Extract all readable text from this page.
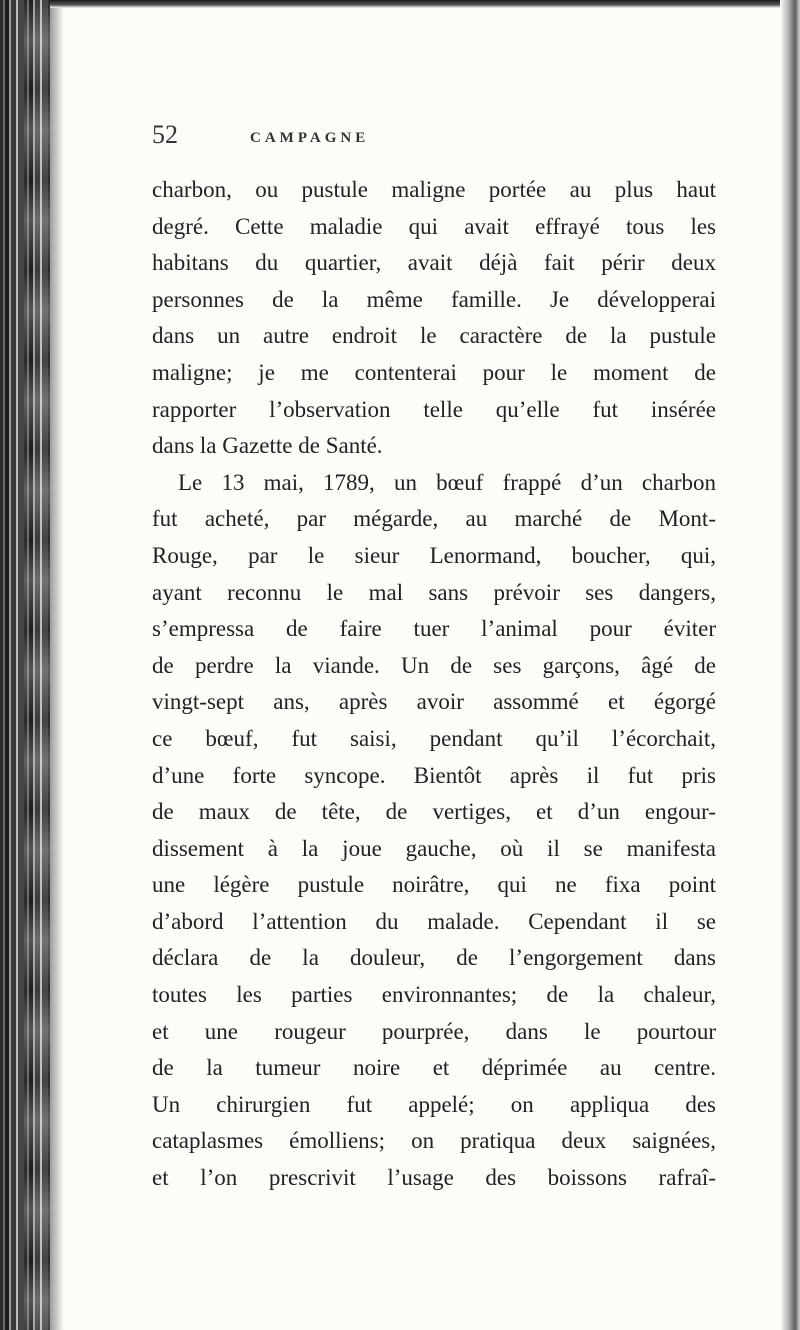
52	CAMPAGNE
charbon, ou pustule maligne portée au plus haut
degré. Cette maladie qui avait effrayé tous les
habitans du quartier, avait déjà fait périr deux
personnes de la même famille. Je développerai
dans un autre endroit le caractère de la pustule
maligne; je me contenterai pour le moment de
rapporter l’observation telle qu’elle fut insérée
dans la Gazette de Santé.
Le 13 mai, 1789, un bœuf frappé d’un charbon
fut acheté, par mégarde, au marché de Mont-
Rouge, par le sieur Lenormand, boucher, qui,
ayant reconnu le mal sans prévoir ses dangers,
s’empressa de faire tuer l’animal pour éviter
de perdre la viande. Un de ses garçons, âgé de
vingt-sept ans, après avoir assommé et égorgé
ce bœuf, fut saisi, pendant qu’il l’écorchait,
d’une forte syncope. Bientôt après il fut pris
de maux de tête, de vertiges, et d’un engour-
dissement à la joue gauche, où il se manifesta
une légère pustule noirâtre, qui ne fixa point
d’abord l’attention du malade. Cependant il se
déclara de la douleur, de l’engorgement dans
toutes les parties environnantes; de la chaleur,
et une rougeur pourprée, dans le pourtour
de la tumeur noire et déprimée au centre.
Un chirurgien fut appelé; on appliqua des
cataplasmes émolliens; on pratiqua deux saignées,
et l’on prescrivit l’usage des boissons rafraî-
